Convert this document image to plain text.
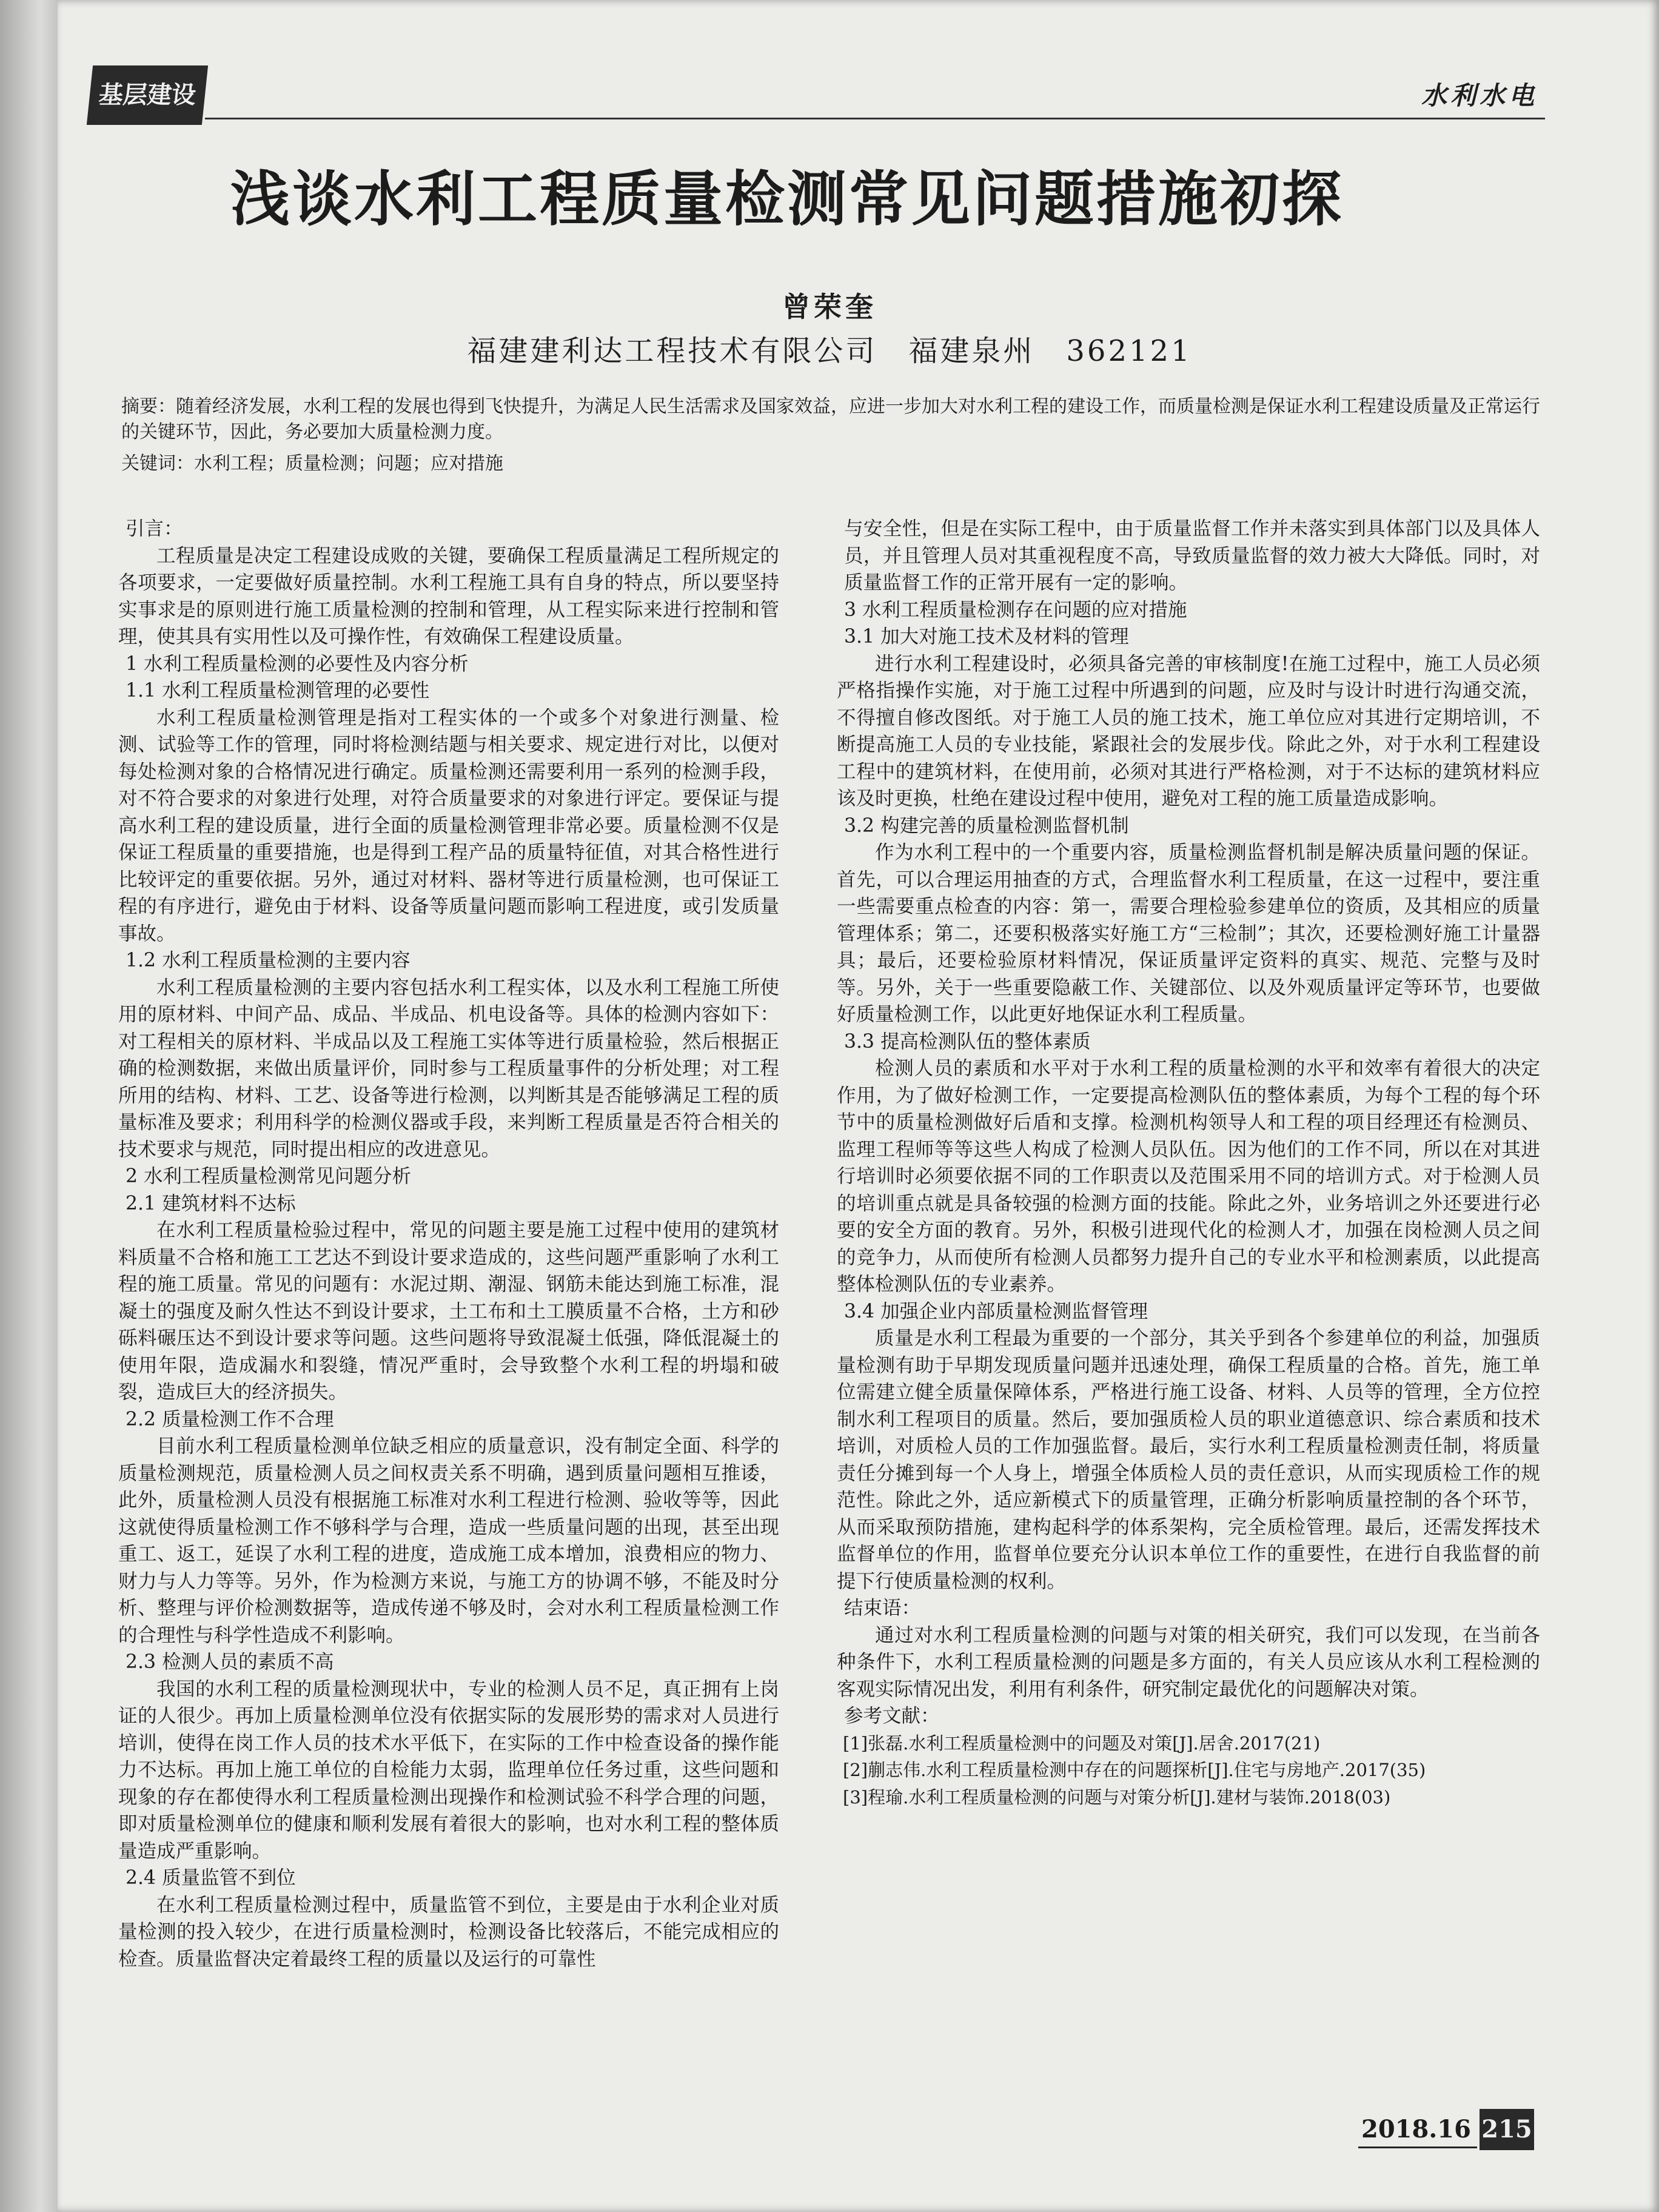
基层建设	水利水电
浅谈水利工程质量检测常见问题措施初探
曾荣奎
福建建利达工程技术有限公司　福建泉州　362121

摘要：随着经济发展，水利工程的发展也得到飞快提升，为满足人民生活需求及国家效益，应进一步加大对水利工程的建设工作，而质量检测是保证水利工程建设质量及正常运行的关键环节，因此，务必要加大质量检测力度。

关键词：水利工程；质量检测；问题；应对措施

引言：

工程质量是决定工程建设成败的关键，要确保工程质量满足工程所规定的各项要求，一定要做好质量控制。水利工程施工具有自身的特点，所以要坚持实事求是的原则进行施工质量检测的控制和管理，从工程实际来进行控制和管理，使其具有实用性以及可操作性，有效确保工程建设质量。

1 水利工程质量检测的必要性及内容分析

1.1 水利工程质量检测管理的必要性

水利工程质量检测管理是指对工程实体的一个或多个对象进行测量、检测、试验等工作的管理，同时将检测结题与相关要求、规定进行对比，以便对每处检测对象的合格情况进行确定。质量检测还需要利用一系列的检测手段，对不符合要求的对象进行处理，对符合质量要求的对象进行评定。要保证与提高水利工程的建设质量，进行全面的质量检测管理非常必要。质量检测不仅是保证工程质量的重要措施，也是得到工程产品的质量特征值，对其合格性进行比较评定的重要依据。另外，通过对材料、器材等进行质量检测，也可保证工程的有序进行，避免由于材料、设备等质量问题而影响工程进度，或引发质量事故。

1.2 水利工程质量检测的主要内容

水利工程质量检测的主要内容包括水利工程实体，以及水利工程施工所使用的原材料、中间产品、成品、半成品、机电设备等。具体的检测内容如下：对工程相关的原材料、半成品以及工程施工实体等进行质量检验，然后根据正确的检测数据，来做出质量评价，同时参与工程质量事件的分析处理；对工程所用的结构、材料、工艺、设备等进行检测，以判断其是否能够满足工程的质量标准及要求；利用科学的检测仪器或手段，来判断工程质量是否符合相关的技术要求与规范，同时提出相应的改进意见。

2 水利工程质量检测常见问题分析

2.1 建筑材料不达标

在水利工程质量检验过程中，常见的问题主要是施工过程中使用的建筑材料质量不合格和施工工艺达不到设计要求造成的，这些问题严重影响了水利工程的施工质量。常见的问题有：水泥过期、潮湿、钢筋未能达到施工标准，混凝土的强度及耐久性达不到设计要求，土工布和土工膜质量不合格，土方和砂砾料碾压达不到设计要求等问题。这些问题将导致混凝土低强，降低混凝土的使用年限，造成漏水和裂缝，情况严重时，会导致整个水利工程的坍塌和破裂，造成巨大的经济损失。

2.2 质量检测工作不合理

目前水利工程质量检测单位缺乏相应的质量意识，没有制定全面、科学的质量检测规范，质量检测人员之间权责关系不明确，遇到质量问题相互推诿，此外，质量检测人员没有根据施工标准对水利工程进行检测、验收等等，因此这就使得质量检测工作不够科学与合理，造成一些质量问题的出现，甚至出现重工、返工，延误了水利工程的进度，造成施工成本增加，浪费相应的物力、财力与人力等等。另外，作为检测方来说，与施工方的协调不够，不能及时分析、整理与评价检测数据等，造成传递不够及时，会对水利工程质量检测工作的合理性与科学性造成不利影响。

2.3 检测人员的素质不高

我国的水利工程的质量检测现状中，专业的检测人员不足，真正拥有上岗证的人很少。再加上质量检测单位没有依据实际的发展形势的需求对人员进行培训，使得在岗工作人员的技术水平低下，在实际的工作中检查设备的操作能力不达标。再加上施工单位的自检能力太弱，监理单位任务过重，这些问题和现象的存在都使得水利工程质量检测出现操作和检测试验不科学合理的问题，即对质量检测单位的健康和顺利发展有着很大的影响，也对水利工程的整体质量造成严重影响。

2.4 质量监管不到位

在水利工程质量检测过程中，质量监管不到位，主要是由于水利企业对质量检测的投入较少，在进行质量检测时，检测设备比较落后，不能完成相应的检查。质量监督决定着最终工程的质量以及运行的可靠性

与安全性，但是在实际工程中，由于质量监督工作并未落实到具体部门以及具体人员，并且管理人员对其重视程度不高，导致质量监督的效力被大大降低。同时，对质量监督工作的正常开展有一定的影响。

3 水利工程质量检测存在问题的应对措施

3.1 加大对施工技术及材料的管理

进行水利工程建设时，必须具备完善的审核制度!在施工过程中，施工人员必须严格指操作实施，对于施工过程中所遇到的问题，应及时与设计时进行沟通交流，不得擅自修改图纸。对于施工人员的施工技术，施工单位应对其进行定期培训，不断提高施工人员的专业技能，紧跟社会的发展步伐。除此之外，对于水利工程建设工程中的建筑材料，在使用前，必须对其进行严格检测，对于不达标的建筑材料应该及时更换，杜绝在建设过程中使用，避免对工程的施工质量造成影响。

3.2 构建完善的质量检测监督机制

作为水利工程中的一个重要内容，质量检测监督机制是解决质量问题的保证。首先，可以合理运用抽查的方式，合理监督水利工程质量，在这一过程中，要注重一些需要重点检查的内容：第一，需要合理检验参建单位的资质，及其相应的质量管理体系；第二，还要积极落实好施工方“三检制”；其次，还要检测好施工计量器具；最后，还要检验原材料情况，保证质量评定资料的真实、规范、完整与及时等。另外，关于一些重要隐蔽工作、关键部位、以及外观质量评定等环节，也要做好质量检测工作，以此更好地保证水利工程质量。

3.3 提高检测队伍的整体素质

检测人员的素质和水平对于水利工程的质量检测的水平和效率有着很大的决定作用，为了做好检测工作，一定要提高检测队伍的整体素质，为每个工程的每个环节中的质量检测做好后盾和支撑。检测机构领导人和工程的项目经理还有检测员、监理工程师等等这些人构成了检测人员队伍。因为他们的工作不同，所以在对其进行培训时必须要依据不同的工作职责以及范围采用不同的培训方式。对于检测人员的培训重点就是具备较强的检测方面的技能。除此之外，业务培训之外还要进行必要的安全方面的教育。另外，积极引进现代化的检测人才，加强在岗检测人员之间的竞争力，从而使所有检测人员都努力提升自己的专业水平和检测素质，以此提高整体检测队伍的专业素养。

3.4 加强企业内部质量检测监督管理

质量是水利工程最为重要的一个部分，其关乎到各个参建单位的利益，加强质量检测有助于早期发现质量问题并迅速处理，确保工程质量的合格。首先，施工单位需建立健全质量保障体系，严格进行施工设备、材料、人员等的管理，全方位控制水利工程项目的质量。然后，要加强质检人员的职业道德意识、综合素质和技术培训，对质检人员的工作加强监督。最后，实行水利工程质量检测责任制，将质量责任分摊到每一个人身上，增强全体质检人员的责任意识，从而实现质检工作的规范性。除此之外，适应新模式下的质量管理，正确分析影响质量控制的各个环节，从而采取预防措施，建构起科学的体系架构，完全质检管理。最后，还需发挥技术监督单位的作用，监督单位要充分认识本单位工作的重要性，在进行自我监督的前提下行使质量检测的权利。

结束语：

通过对水利工程质量检测的问题与对策的相关研究，我们可以发现，在当前各种条件下，水利工程质量检测的问题是多方面的，有关人员应该从水利工程检测的客观实际情况出发，利用有利条件，研究制定最优化的问题解决对策。

参考文献：

[1]张磊.水利工程质量检测中的问题及对策[J].居舍.2017(21)

[2]蒯志伟.水利工程质量检测中存在的问题探析[J].住宅与房地产.2017(35)

[3]程瑜.水利工程质量检测的问题与对策分析[J].建材与装饰.2018(03)

2018.16 215
